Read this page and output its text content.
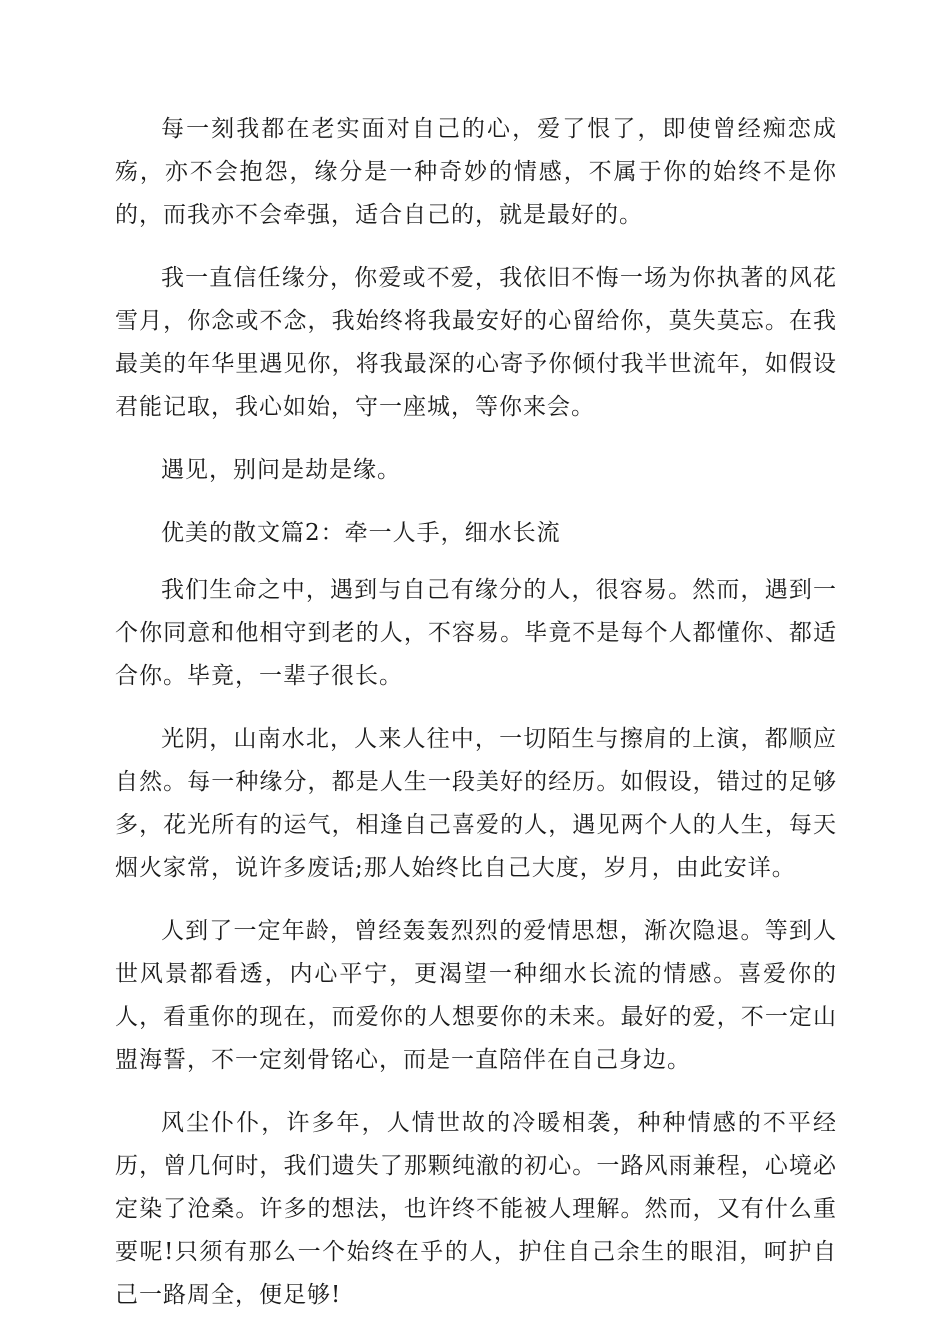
每一刻我都在老实面对自己的心，爱了恨了，即使曾经痴恋成殇，亦不会抱怨，缘分是一种奇妙的情感，不属于你的始终不是你的，而我亦不会牵强，适合自己的，就是最好的。

我一直信任缘分，你爱或不爱，我依旧不悔一场为你执著的风花雪月，你念或不念，我始终将我最安好的心留给你，莫失莫忘。在我最美的年华里遇见你，将我最深的心寄予你倾付我半世流年，如假设君能记取，我心如始，守一座城，等你来会。

遇见，别问是劫是缘。

优美的散文篇2：牵一人手，细水长流

我们生命之中，遇到与自己有缘分的人，很容易。然而，遇到一个你同意和他相守到老的人，不容易。毕竟不是每个人都懂你、都适合你。毕竟，一辈子很长。

光阴，山南水北，人来人往中，一切陌生与擦肩的上演，都顺应自然。每一种缘分，都是人生一段美好的经历。如假设，错过的足够多，花光所有的运气，相逢自己喜爱的人，遇见两个人的人生，每天烟火家常，说许多废话;那人始终比自己大度，岁月，由此安详。

人到了一定年龄，曾经轰轰烈烈的爱情思想，渐次隐退。等到人世风景都看透，内心平宁，更渴望一种细水长流的情感。喜爱你的人，看重你的现在，而爱你的人想要你的未来。最好的爱，不一定山盟海誓，不一定刻骨铭心，而是一直陪伴在自己身边。

风尘仆仆，许多年，人情世故的冷暖相袭，种种情感的不平经历，曾几何时，我们遗失了那颗纯澈的初心。一路风雨兼程，心境必定染了沧桑。许多的想法，也许终不能被人理解。然而，又有什么重要呢!只须有那么一个始终在乎的人，护住自己余生的眼泪，呵护自己一路周全，便足够!
